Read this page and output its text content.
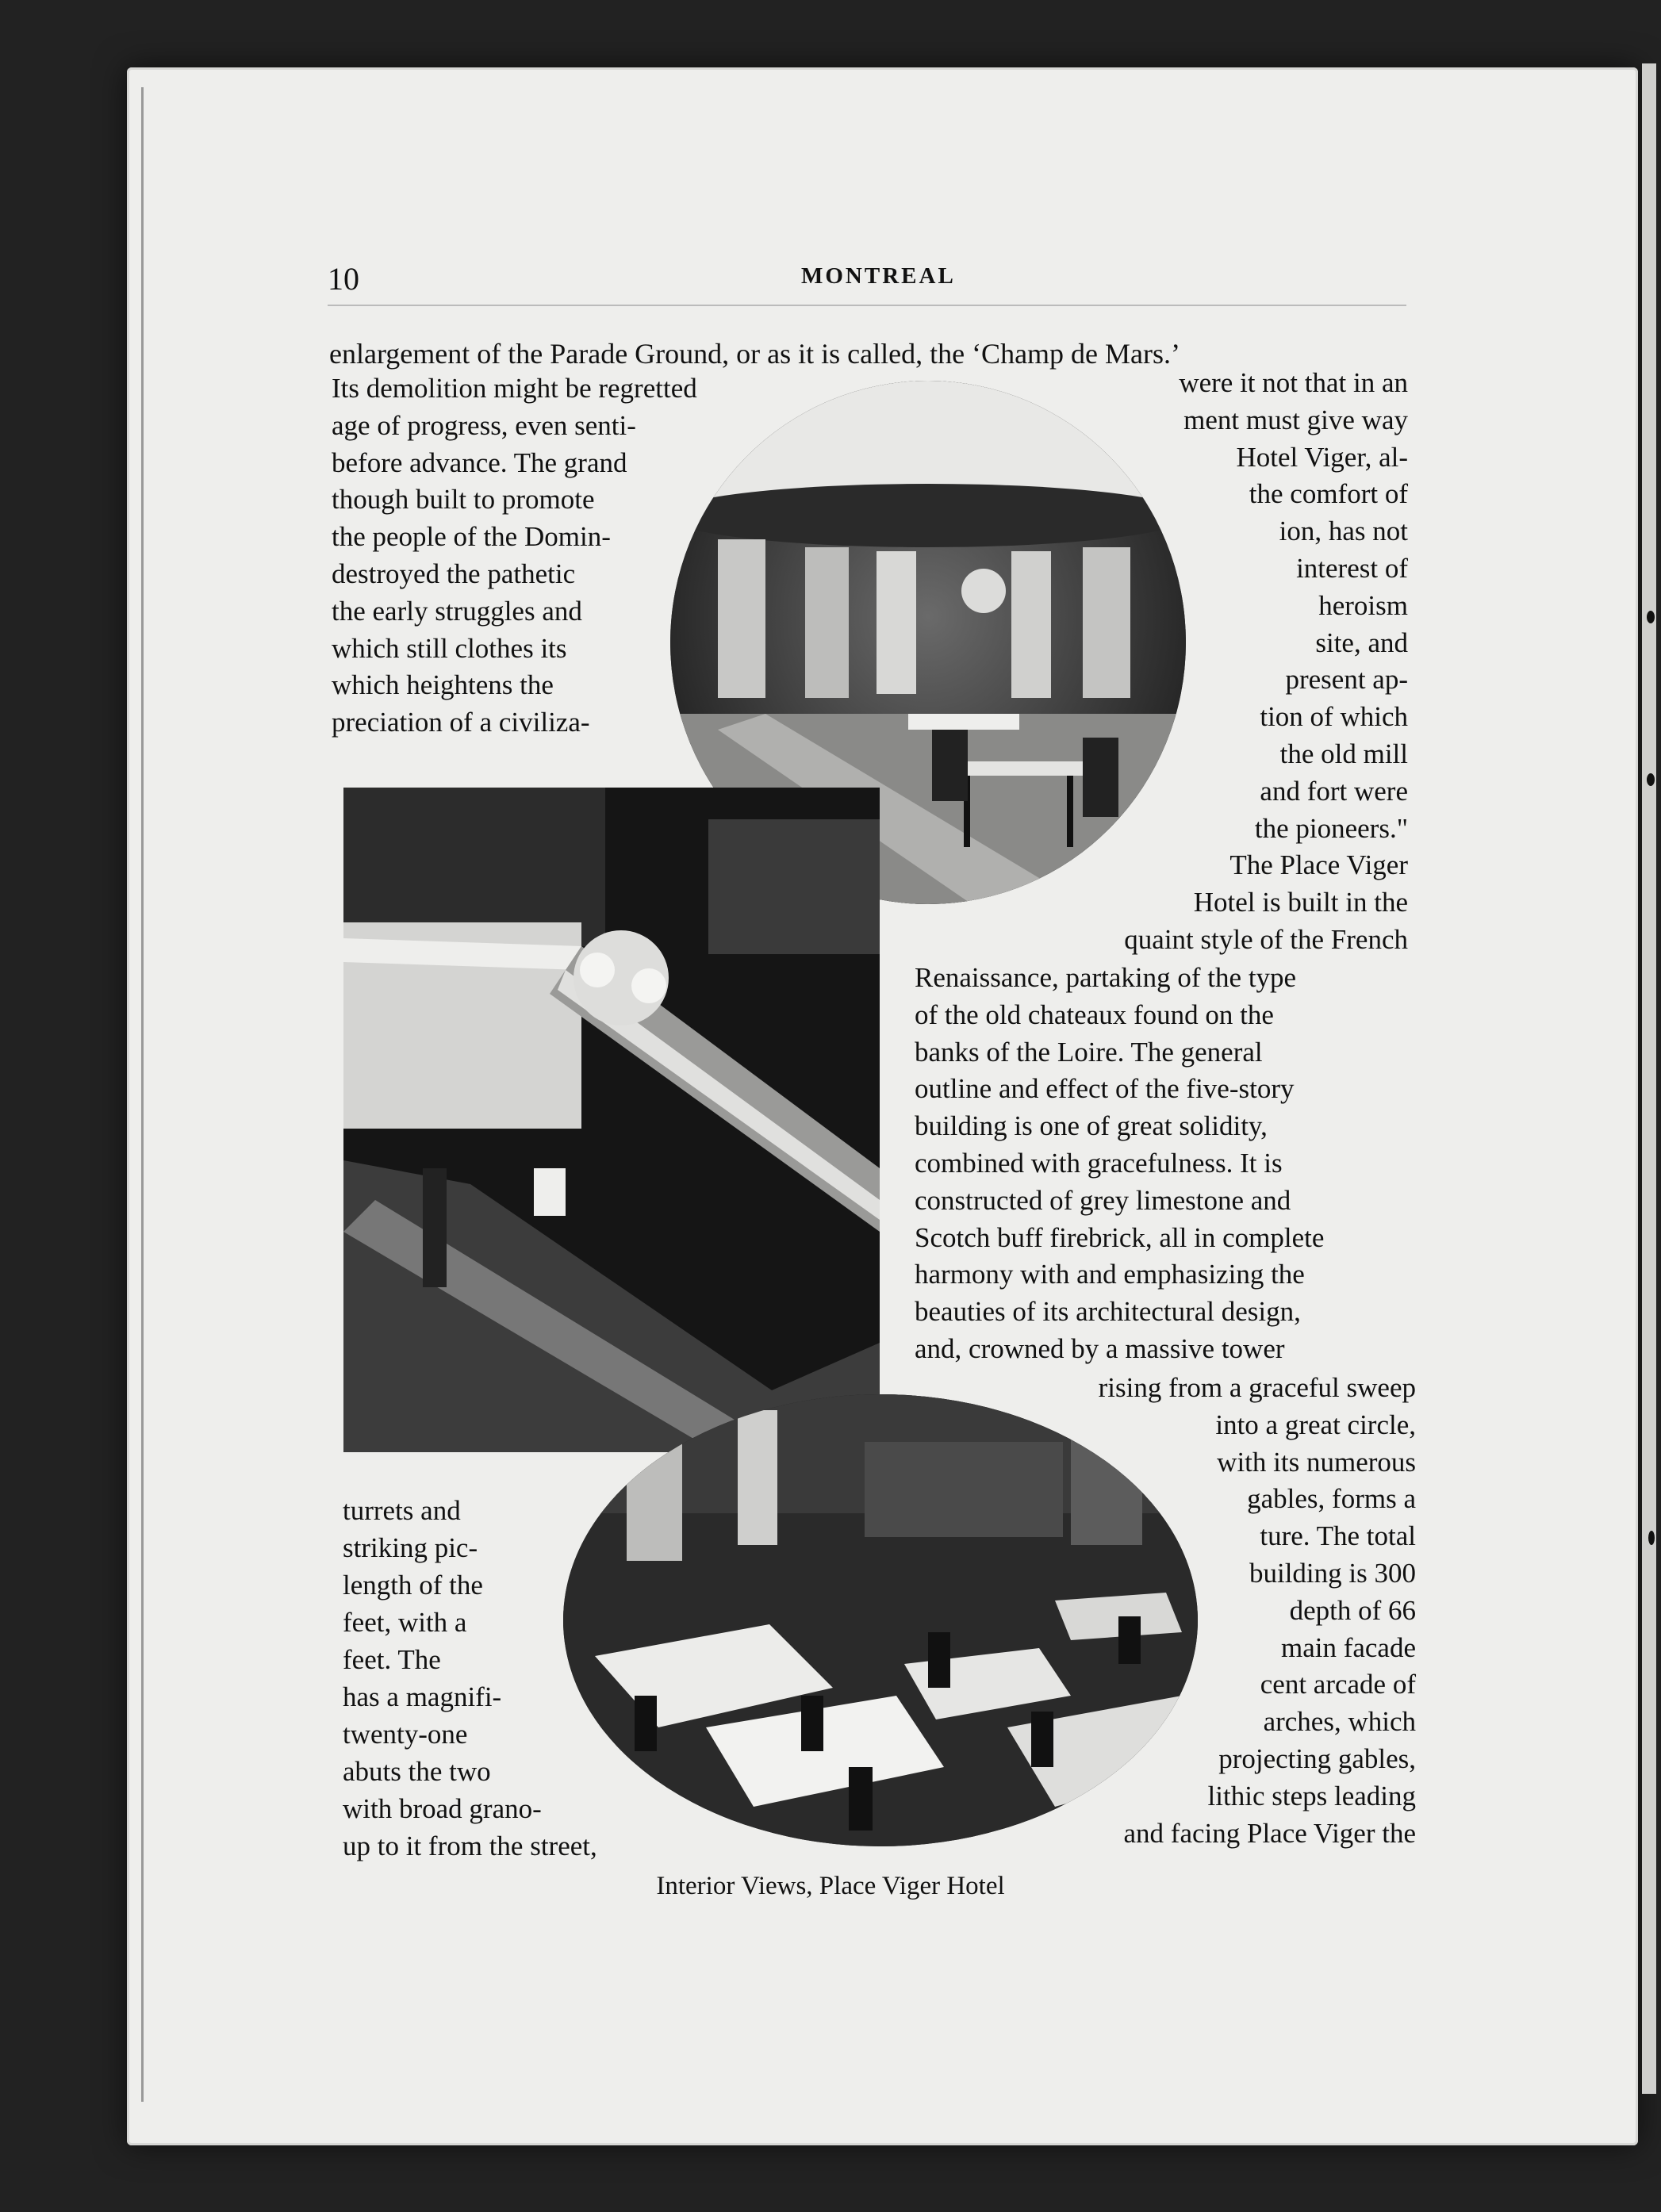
10	MONTREAL
enlargement of the Parade Ground, or as it is called, the ‘Champ de Mars.’
Its demolition might be regretted
age of progress, even senti-
before advance. The grand
though built to promote
the people of the Domin-
destroyed the pathetic
the early struggles and
which still clothes its
which heightens the
preciation of a civiliza-
were it not that in an
ment must give way
Hotel Viger, al-
the comfort of
ion, has not
interest of
heroism
site, and
present ap-
tion of which
the old mill
and fort were
the pioneers."
The Place Viger
Hotel is built in the
quaint style of the French
Renaissance, partaking of the type
of the old chateaux found on the
banks of the Loire. The general
outline and effect of the five-story
building is one of great solidity,
combined with gracefulness. It is
constructed of grey limestone and
Scotch buff firebrick, all in complete
harmony with and emphasizing the
beauties of its architectural design,
and, crowned by a massive tower
rising from a graceful sweep
into a great circle,
with its numerous
gables, forms a
ture. The total
building is 300
depth of 66
main facade
cent arcade of
arches, which
projecting gables,
lithic steps leading
and facing Place Viger the
turrets and
striking pic-
length of the
feet, with a
feet. The
has a magnifi-
twenty-one
abuts the two
with broad grano-
up to it from the street,
Interior Views, Place Viger Hotel
